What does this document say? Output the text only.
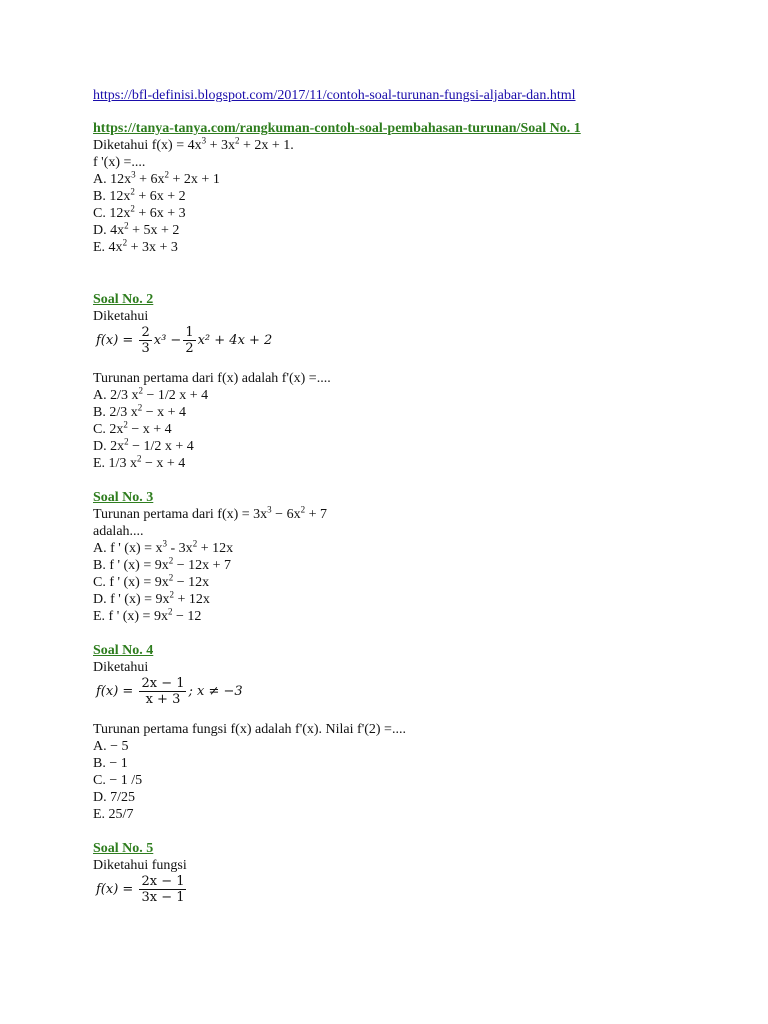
https://bfl-definisi.blogspot.com/2017/11/contoh-soal-turunan-fungsi-aljabar-dan.html
https://tanya-tanya.com/rangkuman-contoh-soal-pembahasan-turunan/Soal No. 1
Diketahui $f(x) = 4x^3 + 3x^2 + 2x + 1$.
f '(x) =....
A. $12x^3 + 6x^2 + 2x + 1$
B. $12x^2 + 6x + 2$
C. $12x^2 + 6x + 3$
D. $4x^2 + 5x + 2$
E. $4x^2 + 3x + 3$
Soal No. 2
Diketahui
f(x) =
$\frac{2}{3} x^3 - \frac{1}{2} x^2 + 4x + 2$
Turunan pertama dari f(x) adalah f'(x) =....
A. 2/3 $x^2 - 1/2$ x + 4
B. 2/3 $x^2 - x + 4$
C. $2x^2 - x + 4$
D. $2x^2 - 1/2$ x + 4
E. 1/3 $x^2 - x + 4$
Soal No. 3
Turunan pertama dari $f(x) = 3x^3 - 6x^2 + 7$
adalah....
A. f ' $(x) = x^3 - 3x^2 + 12x$
B. f ' $(x) = 9x^2 - 12x + 7$
C. f ' $(x) = 9x^2 - 12x$
D. f ' $(x) = 9x^2 + 12x$
E. f ' $(x) = 9x^2 - 12$
Soal No. 4
Diketahui
f(x) =
$\frac{2x - 1}{x + 3}$ ; x ≠ −3
Turunan pertama fungsi f(x) adalah f'(x). Nilai f'(2) =....
A. − 5
B. − 1
C. − 1 /5
D. 7/25
E. 25/7
Soal No. 5
Diketahui fungsi
f(x) =
$\frac{2x - 1}{3x - 1}$
